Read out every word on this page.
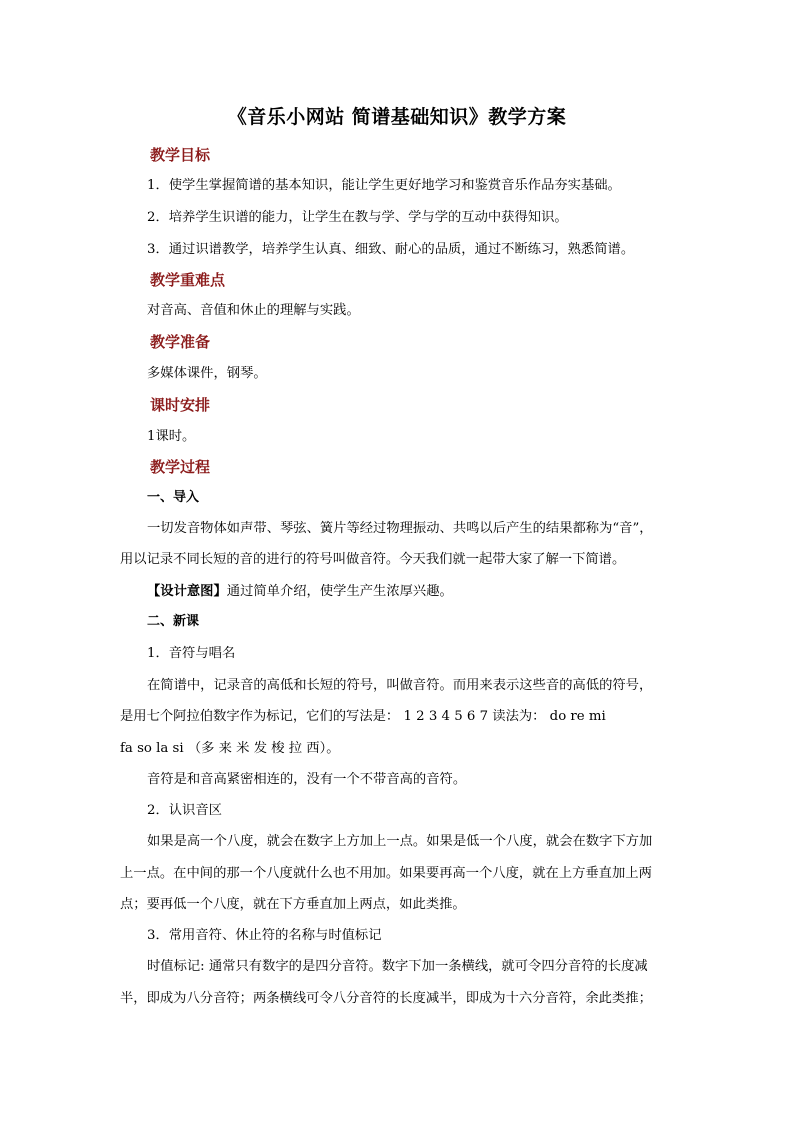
《音乐小网站 简谱基础知识》教学方案
教学目标
1．使学生掌握简谱的基本知识，能让学生更好地学习和鉴赏音乐作品夯实基础。
2．培养学生识谱的能力，让学生在教与学、学与学的互动中获得知识。
3．通过识谱教学，培养学生认真、细致、耐心的品质，通过不断练习，熟悉简谱。
教学重难点
对音高、音值和休止的理解与实践。
教学准备
多媒体课件，钢琴。
课时安排
1课时。
教学过程
一、导入
一切发音物体如声带、琴弦、簧片等经过物理振动、共鸣以后产生的结果都称为“音”，
用以记录不同长短的音的进行的符号叫做音符。今天我们就一起带大家了解一下简谱。
【设计意图】通过简单介绍，使学生产生浓厚兴趣。
二、新课
1．音符与唱名
在简谱中，记录音的高低和长短的符号，叫做音符。而用来表示这些音的高低的符号，
是用七个阿拉伯数字作为标记，它们的写法是： 1 2 3 4 5 6 7 读法为： do re mi
fa so la si （多 来 米 发 梭 拉 西）。
音符是和音高紧密相连的，没有一个不带音高的音符。
2．认识音区
如果是高一个八度，就会在数字上方加上一点。如果是低一个八度，就会在数字下方加
上一点。在中间的那一个八度就什么也不用加。如果要再高一个八度，就在上方垂直加上两
点；要再低一个八度，就在下方垂直加上两点，如此类推。
3．常用音符、休止符的名称与时值标记
时值标记: 通常只有数字的是四分音符。数字下加一条横线，就可令四分音符的长度减
半，即成为八分音符；两条横线可令八分音符的长度减半，即成为十六分音符，余此类推；
